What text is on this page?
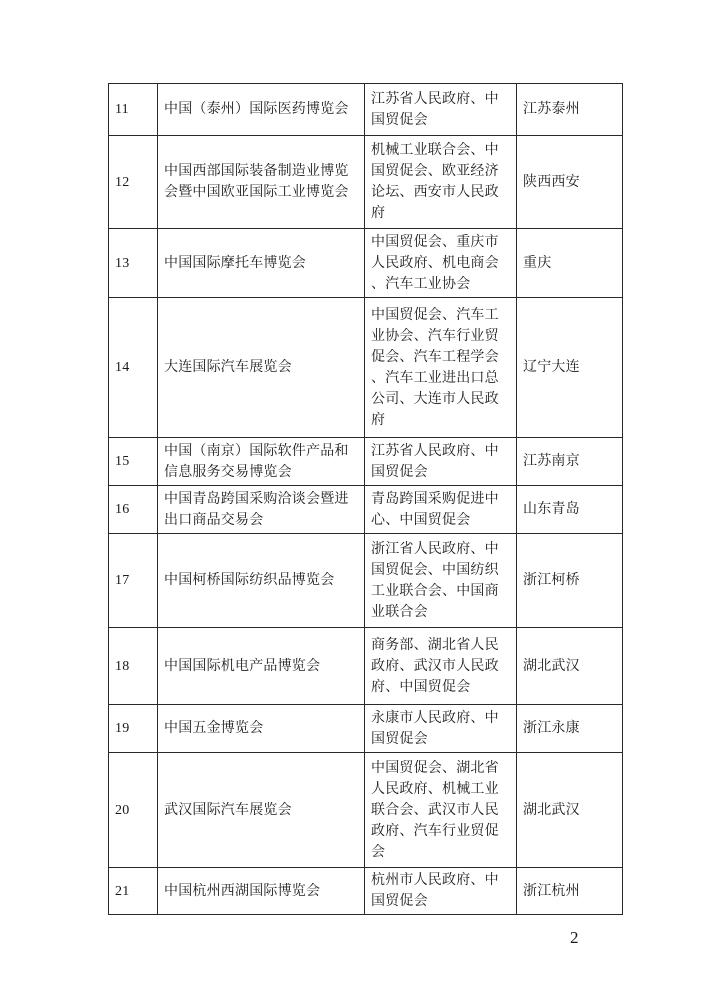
11	中国（泰州）国际医药博览会	江苏省人民政府、中国贸促会	江苏泰州
12	中国西部国际装备制造业博览会暨中国欧亚国际工业博览会	机械工业联合会、中国贸促会、欧亚经济论坛、西安市人民政府	陕西西安
13	中国国际摩托车博览会	中国贸促会、重庆市人民政府、机电商会、汽车工业协会	重庆
14	大连国际汽车展览会	中国贸促会、汽车工业协会、汽车行业贸促会、汽车工程学会、汽车工业进出口总公司、大连市人民政府	辽宁大连
15	中国（南京）国际软件产品和信息服务交易博览会	江苏省人民政府、中国贸促会	江苏南京
16	中国青岛跨国采购洽谈会暨进出口商品交易会	青岛跨国采购促进中心、中国贸促会	山东青岛
17	中国柯桥国际纺织品博览会	浙江省人民政府、中国贸促会、中国纺织工业联合会、中国商业联合会	浙江柯桥
18	中国国际机电产品博览会	商务部、湖北省人民政府、武汉市人民政府、中国贸促会	湖北武汉
19	中国五金博览会	永康市人民政府、中国贸促会	浙江永康
20	武汉国际汽车展览会	中国贸促会、湖北省人民政府、机械工业联合会、武汉市人民政府、汽车行业贸促会	湖北武汉
21	中国杭州西湖国际博览会	杭州市人民政府、中国贸促会	浙江杭州
2
